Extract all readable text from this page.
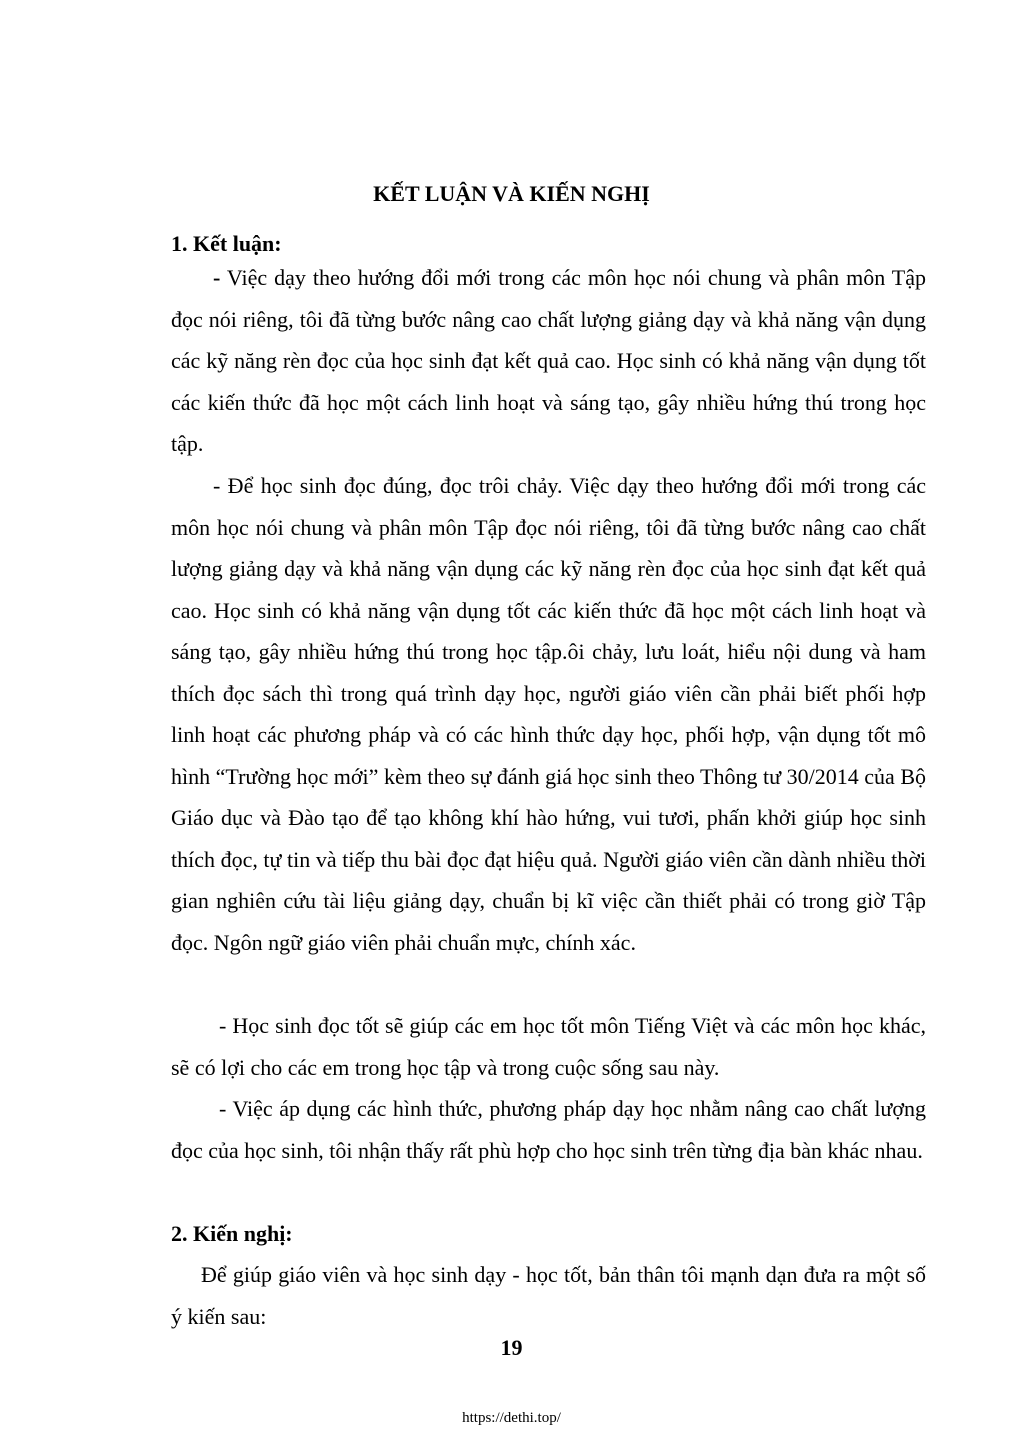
KẾT LUẬN VÀ KIẾN NGHỊ
1. Kết luận:

- Việc dạy theo hướng đổi mới trong các môn học nói chung và phân môn Tập đọc nói riêng, tôi đã từng bước nâng cao chất lượng giảng dạy và khả năng vận dụng các kỹ năng rèn đọc của học sinh đạt kết quả cao. Học sinh có khả năng vận dụng tốt các kiến thức đã học một cách linh hoạt và sáng tạo, gây nhiều hứng thú trong học tập.

- Để học sinh đọc đúng, đọc trôi chảy. Việc dạy theo hướng đổi mới trong các môn học nói chung và phân môn Tập đọc nói riêng, tôi đã từng bước nâng cao chất lượng giảng dạy và khả năng vận dụng các kỹ năng rèn đọc của học sinh đạt kết quả cao. Học sinh có khả năng vận dụng tốt các kiến thức đã học một cách linh hoạt và sáng tạo, gây nhiều hứng thú trong học tập.ôi chảy, lưu loát, hiểu nội dung và ham thích đọc sách thì trong quá trình dạy học, người giáo viên cần phải biết phối hợp linh hoạt các phương pháp và có các hình thức dạy học, phối hợp, vận dụng tốt mô hình “Trường học mới” kèm theo sự đánh giá học sinh theo Thông tư 30/2014 của Bộ Giáo dục và Đào tạo để tạo không khí hào hứng, vui tươi, phấn khởi giúp học sinh thích đọc, tự tin và tiếp thu bài đọc đạt hiệu quả. Người giáo viên cần dành nhiều thời gian nghiên cứu tài liệu giảng dạy, chuẩn bị kĩ việc cần thiết phải có trong giờ Tập đọc. Ngôn ngữ giáo viên phải chuẩn mực, chính xác.

- Học sinh đọc tốt sẽ giúp các em học tốt môn Tiếng Việt và các môn học khác, sẽ có lợi cho các em trong học tập và trong cuộc sống sau này.

- Việc áp dụng các hình thức, phương pháp dạy học nhằm nâng cao chất lượng đọc của học sinh, tôi nhận thấy rất phù hợp cho học sinh trên từng địa bàn khác nhau.

2. Kiến nghị:

Để giúp giáo viên và học sinh dạy - học tốt, bản thân tôi mạnh dạn đưa ra một số ý kiến sau:

19
https://dethi.top/
